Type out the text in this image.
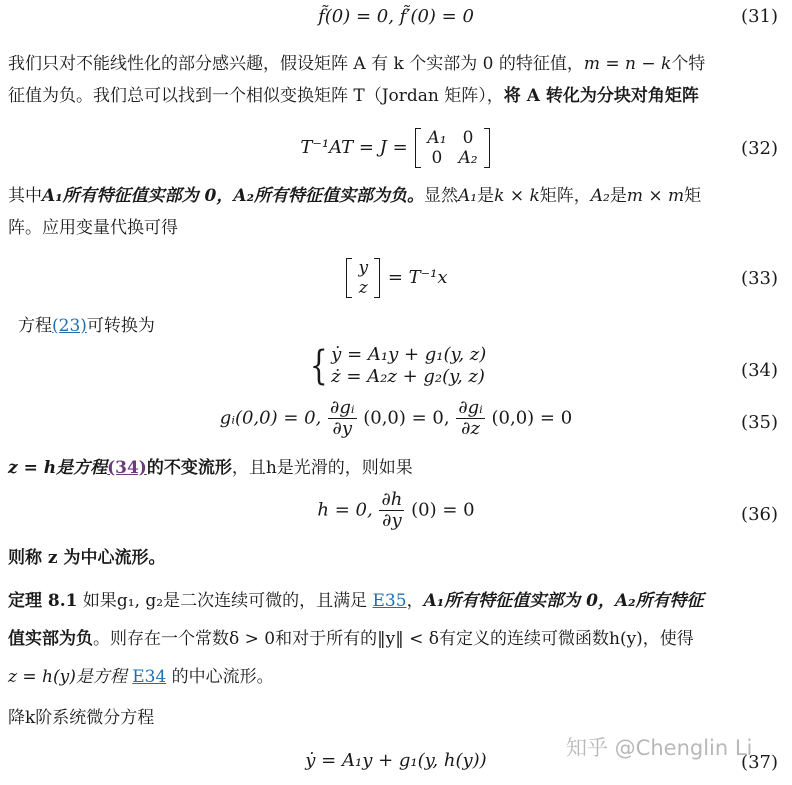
f̃(0) = 0, f̃′(0) = 0	(31)
我们只对不能线性化的部分感兴趣，假设矩阵 A 有 k 个实部为 0 的特征值，m = n − k个特
征值为负。我们总可以找到一个相似变换矩阵 T（Jordan 矩阵），将 A 转化为分块对角矩阵
T⁻¹AT = J = A₁	0
0	A₂	(32)
其中A₁所有特征值实部为 0，A₂所有特征值实部为负。显然A₁是k × k矩阵，A₂是m × m矩
阵。应用变量代换可得
y
z = T⁻¹x	(33)
方程(23)可转换为
{ ẏ = A₁y + g₁(y, z)
ż = A₂z + g₂(y, z)	(34)
gᵢ(0,0) = 0, $\frac{\text{∂gᵢ}}{\partial y} (0,0) = 0$, $\frac{\text{∂gᵢ}}{\partial z} (0,0) = 0$	(35)
z = h是方程(34)的不变流形，且h是光滑的，则如果
h = 0, $\frac{\partial h}{\partial y} (0) = 0$	(36)
则称 z 为中心流形。
定理 8.1 如果g₁, g₂是二次连续可微的，且满足 E35，A₁所有特征值实部为 0，A₂所有特征
值实部为负。则存在一个常数δ > 0和对于所有的‖y‖ < δ有定义的连续可微函数h(y)，使得
z = h(y)是方程 E34 的中心流形。
降k阶系统微分方程
ẏ = A₁y + g₁(y, h(y))	(37)
知乎 @Chenglin Li
